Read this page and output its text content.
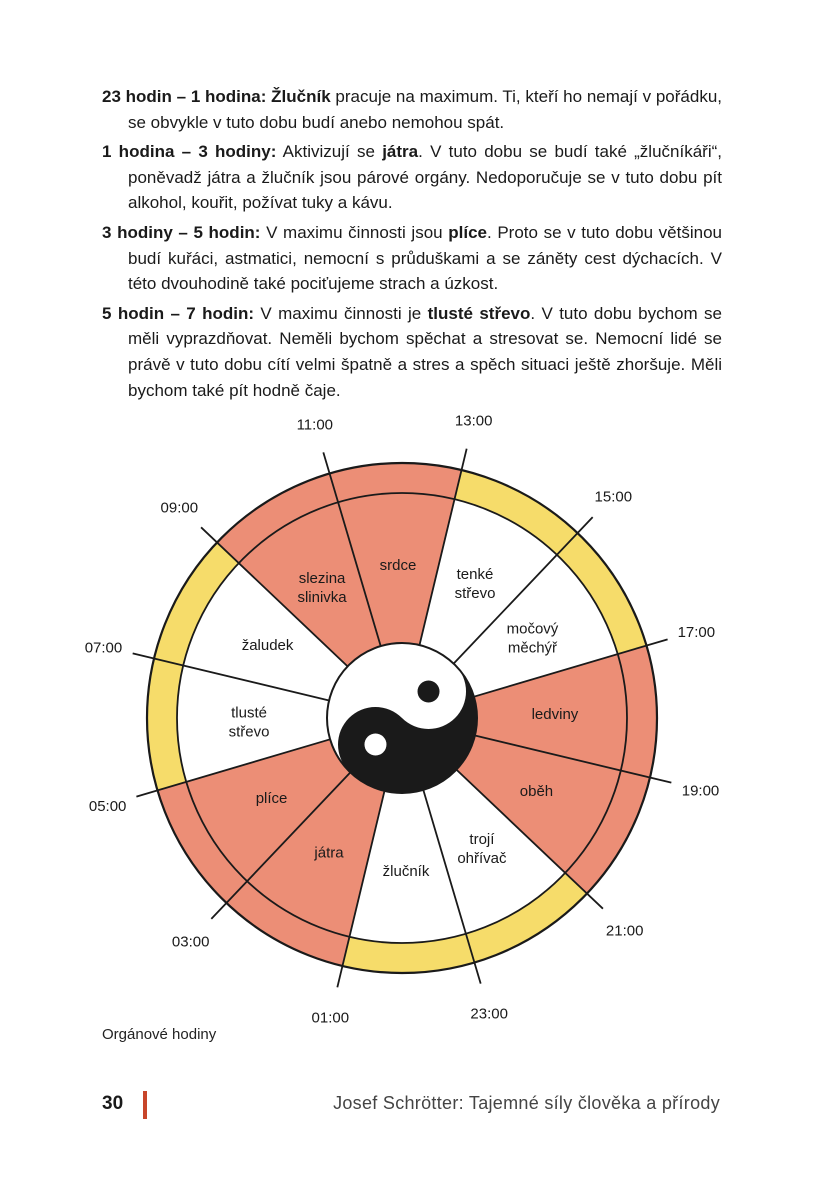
23 hodin – 1 hodina: Žlučník pracuje na maximum. Ti, kteří ho nemají v pořádku, se obvykle v tuto dobu budí anebo nemohou spát.

1 hodina – 3 hodiny: Aktivizují se játra. V tuto dobu se budí také „žlučníkáři“, poněvadž játra a žlučník jsou párové orgány. Nedoporučuje se v tuto dobu pít alkohol, kouřit, požívat tuky a kávu.

3 hodiny – 5 hodin: V maximu činnosti jsou plíce. Proto se v tuto dobu většinou budí kuřáci, astmatici, nemocní s průduškami a se záněty cest dýchacích. V této dvouhodině také pociťujeme strach a úzkost.

5 hodin – 7 hodin: V maximu činnosti je tlusté střevo. V tuto dobu bychom se měli vyprazdňovat. Neměli bychom spěchat a stresovat se. Nemocní lidé se právě v tuto dobu cítí velmi špatně a stres a spěch situaci ještě zhoršuje. Měli bychom také pít hodně čaje.

11:00	13:00
15:00
17:00
19:00
21:00
23:00
01:00
03:00
05:00
07:00
09:00
srdce
tenké
střevo
močový
měchýř
ledviny
oběh
trojí
ohřívač
žlučník
játra
plíce
tlusté
střevo
žaludek
slezina
slinivka
Orgánové hodiny
30	Josef Schrötter: Tajemné síly člověka a přírody
